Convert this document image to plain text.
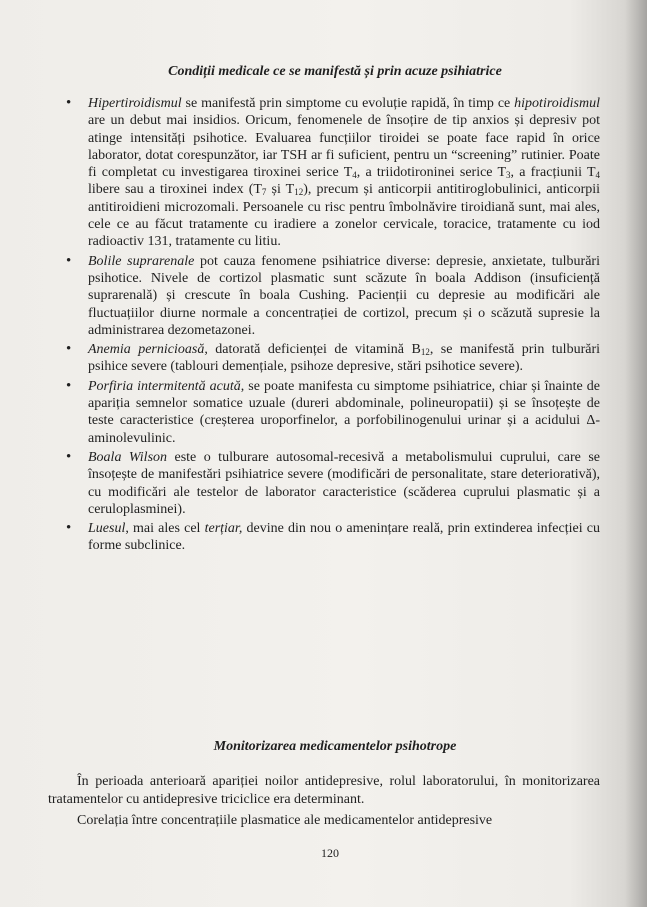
Condiții medicale ce se manifestă și prin acuze psihiatrice
• Hipertiroidismul se manifestă prin simptome cu evoluție rapidă, în timp ce hipotiroidismul are un debut mai insidios. Oricum, fenomenele de însoțire de tip anxios și depresiv pot atinge intensități psihotice. Evaluarea funcțiilor tiroidei se poate face rapid în orice laborator, dotat corespunzător, iar TSH ar fi suficient, pentru un “screening” rutinier. Poate fi completat cu investigarea tiroxinei serice $T_4$, a triidotironinei serice $T_3$, a fracțiunii $T_4$ libere sau a tiroxinei index ($T_7$ și $T_{12}$), precum și anticorpii antitiroglobulinici, anticorpii antitiroidieni microzomali. Persoanele cu risc pentru îmbolnăvire tiroidiană sunt, mai ales, cele ce au făcut tratamente cu iradiere a zonelor cervicale, toracice, tratamente cu iod radioactiv 131, tratamente cu litiu.
• Bolile suprarenale pot cauza fenomene psihiatrice diverse: depresie, anxietate, tulburări psihotice. Nivele de cortizol plasmatic sunt scăzute în boala Addison (insuficiență suprarenală) și crescute în boala Cushing. Pacienții cu depresie au modificări ale fluctuațiilor diurne normale a concentrației de cortizol, precum și o scăzută supresie la administrarea dezometazonei.
• Anemia pernicioasă, datorată deficienței de vitamină $B_{12}$, se manifestă prin tulburări psihice severe (tablouri demențiale, psihoze depresive, stări psihotice severe).
• Porfiria intermitentă acută, se poate manifesta cu simptome psihiatrice, chiar și înainte de apariția semnelor somatice uzuale (dureri abdominale, polineuropatii) și se însoțește de teste caracteristice (creșterea uroporfinelor, a porfobilinogenului urinar și a acidului Δ-aminolevulinic.
• Boala Wilson este o tulburare autosomal-recesivă a metabolismului cuprului, care se însoțește de manifestări psihiatrice severe (modificări de personalitate, stare deteriorativă), cu modificări ale testelor de laborator caracteristice (scăderea cuprului plasmatic și a ceruloplasminei).
• Luesul, mai ales cel terțiar, devine din nou o amenințare reală, prin extinderea infecției cu forme subclinice.
Monitorizarea medicamentelor psihotrope

În perioada anterioară apariției noilor antidepresive, rolul laboratorului, în monitorizarea tratamentelor cu antidepresive triciclice era determinant.

Corelația între concentrațiile plasmatice ale medicamentelor antidepresive

120
